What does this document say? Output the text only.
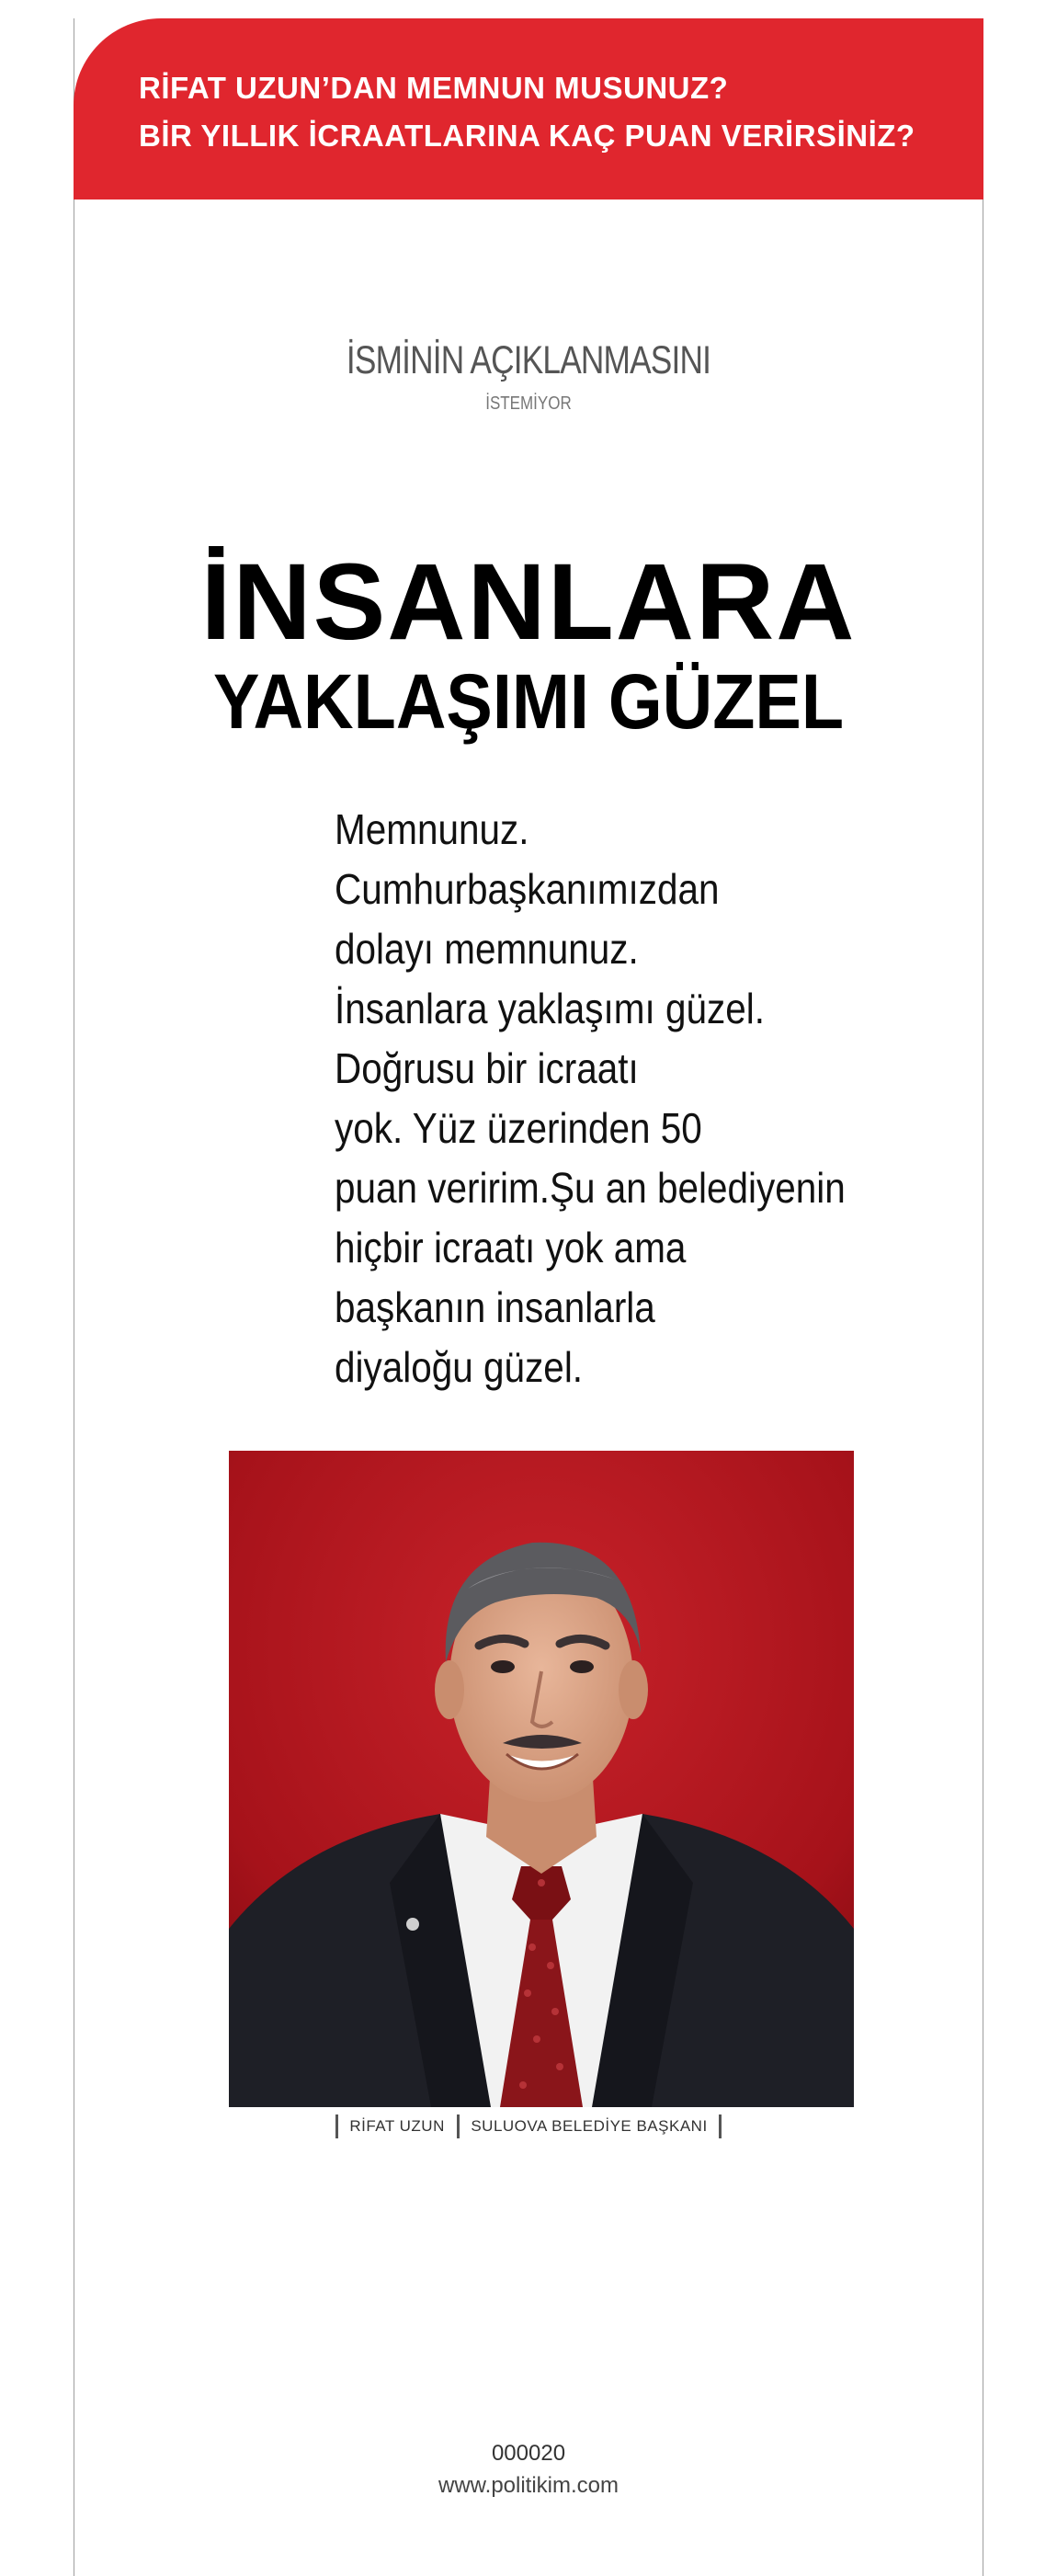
RİFAT UZUN’DAN MEMNUN MUSUNUZ?
BİR YILLIK İCRAATLARINA KAÇ PUAN VERİRSİNİZ?
İSMİNİN AÇIKLANMASINI
İSTEMİYOR
İNSANLARA
YAKLAŞIMI GÜZEL
Memnunuz.
Cumhurbaşkanımızdan
dolayı memnunuz.
İnsanlara yaklaşımı güzel.
Doğrusu bir icraatı
yok. Yüz üzerinden 50
puan veririm.Şu an belediyenin
hiçbir icraatı yok ama
başkanın insanlarla
diyaloğu güzel.
RİFAT UZUN SULUOVA BELEDİYE BAŞKANI
000020
www.politikim.com
